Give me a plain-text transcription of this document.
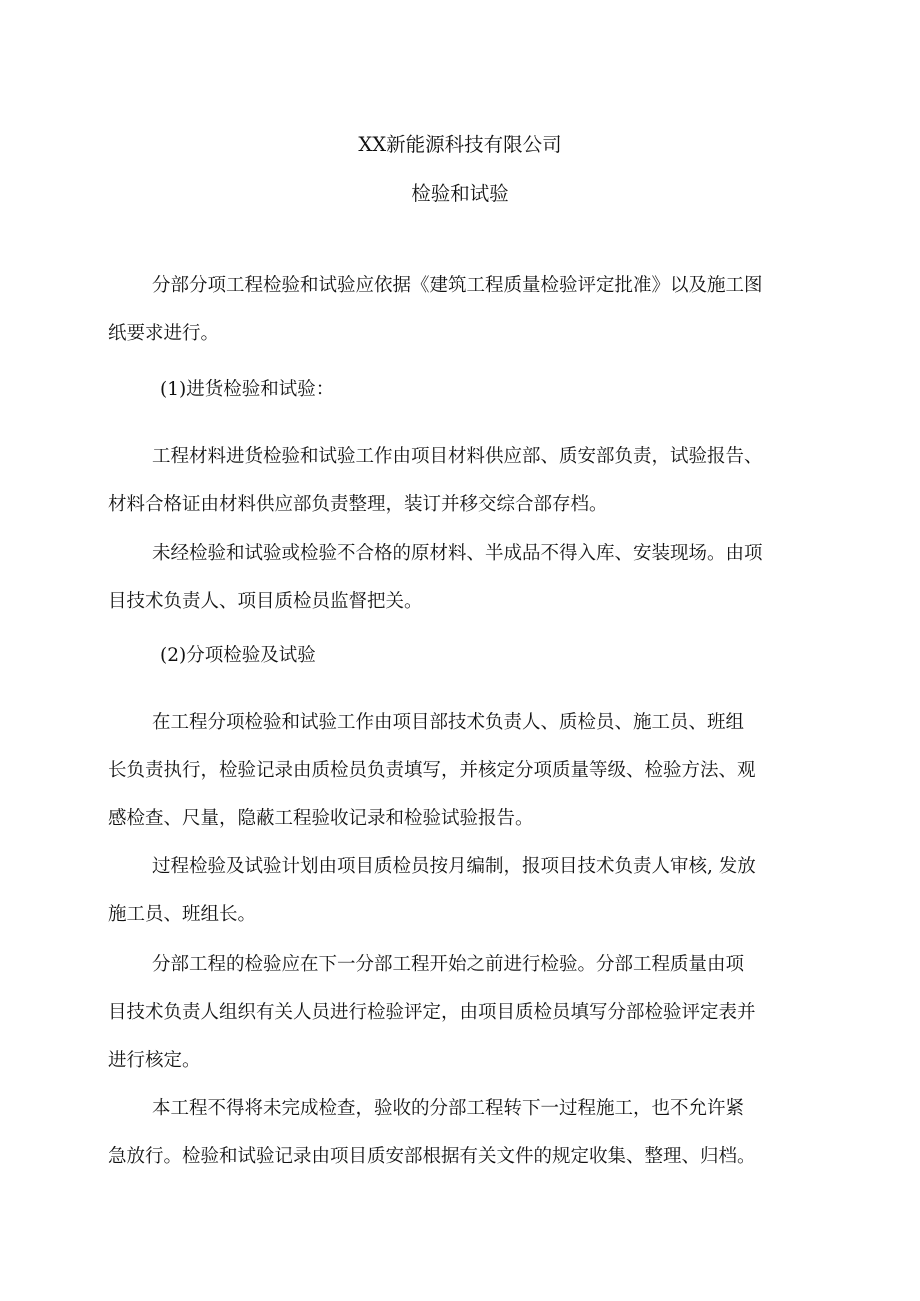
XX新能源科技有限公司
检验和试验
分部分项工程检验和试验应依据《建筑工程质量检验评定批准》以及施工图
纸要求进行。
(1)进货检验和试验：
工程材料进货检验和试验工作由项目材料供应部、质安部负责，试验报告、
材料合格证由材料供应部负责整理，装订并移交综合部存档。
未经检验和试验或检验不合格的原材料、半成品不得入库、安装现场。由项
目技术负责人、项目质检员监督把关。
(2)分项检验及试验
在工程分项检验和试验工作由项目部技术负责人、质检员、施工员、班组
长负责执行，检验记录由质检员负责填写，并核定分项质量等级、检验方法、观
感检查、尺量，隐蔽工程验收记录和检验试验报告。
过程检验及试验计划由项目质检员按月编制，报项目技术负责人审核, 发放
施工员、班组长。
分部工程的检验应在下一分部工程开始之前进行检验。分部工程质量由项
目技术负责人组织有关人员进行检验评定，由项目质检员填写分部检验评定表并
进行核定。
本工程不得将未完成检查，验收的分部工程转下一过程施工，也不允许紧
急放行。检验和试验记录由项目质安部根据有关文件的规定收集、整理、归档。
